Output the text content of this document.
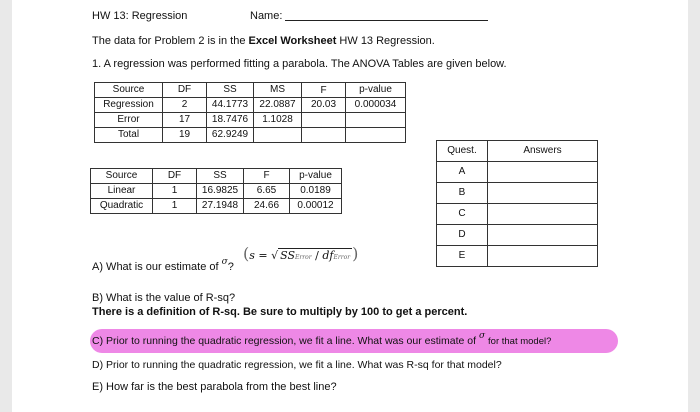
HW 13: Regression	Name:
The data for Problem 2 is in the Excel Worksheet HW 13 Regression.
1. A regression was performed fitting a parabola. The ANOVA Tables are given below.
Source	DF	SS	MS	F	p-value
Regression	2	44.1773	22.0887	20.03	0.000034
Error	17	18.7476	1.1028		
Total	19	62.9249			
Source	DF	SS	F	p-value
Linear	1	16.9825	6.65	0.0189
Quadratic	1	27.1948	24.66	0.00012
Quest.	Answers
A	
B	
C	
D	
E	
A) What is our estimate of $^\sigma$?
(s = √ SSError / dfError )
B) What is the value of R-sq?
There is a definition of R-sq. Be sure to multiply by 100 to get a percent.
C) Prior to running the quadratic regression, we fit a line. What was our estimate of σ for that model?
D) Prior to running the quadratic regression, we fit a line. What was R-sq for that model?
E) How far is the best parabola from the best line?
